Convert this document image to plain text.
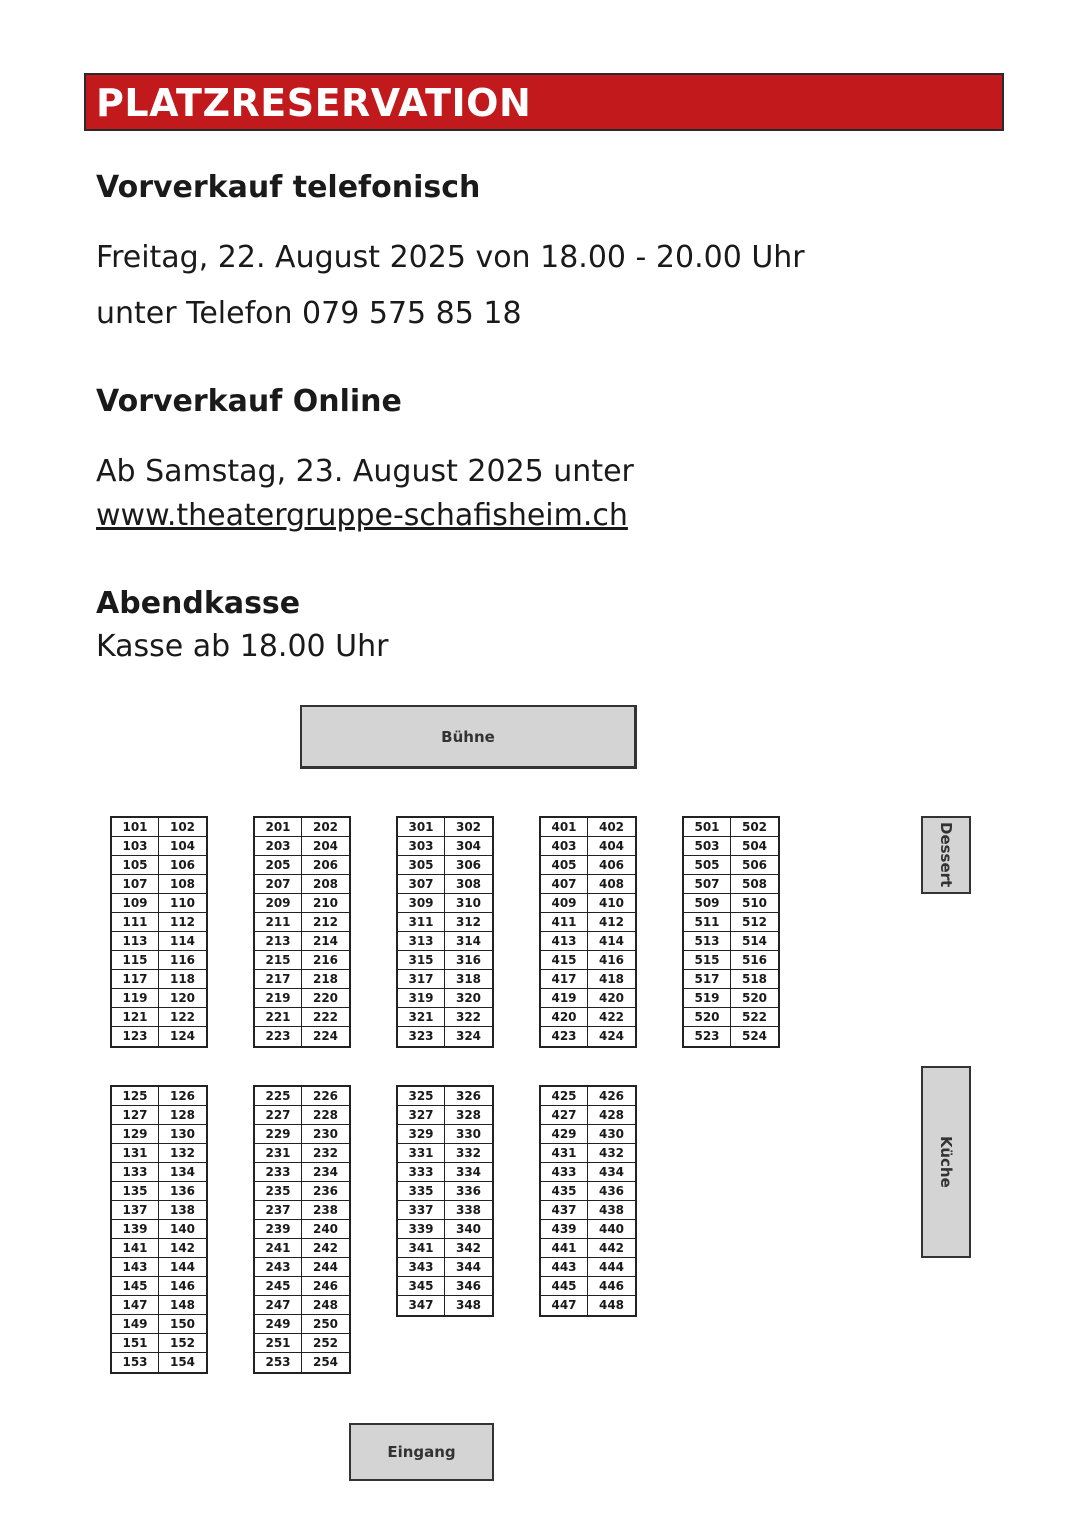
PLATZRESERVATION
Vorverkauf telefonisch
Freitag, 22. August 2025 von 18.00 - 20.00 Uhr
unter Telefon 079 575 85 18
Vorverkauf Online
Ab Samstag, 23. August 2025 unter
www.theatergruppe-schafisheim.ch
Abendkasse
Kasse ab 18.00 Uhr
Bühne
Dessert
Küche
Eingang
101	102
103	104
105	106
107	108
109	110
111	112
113	114
115	116
117	118
119	120
121	122
123	124
201	202
203	204
205	206
207	208
209	210
211	212
213	214
215	216
217	218
219	220
221	222
223	224
301	302
303	304
305	306
307	308
309	310
311	312
313	314
315	316
317	318
319	320
321	322
323	324
401	402
403	404
405	406
407	408
409	410
411	412
413	414
415	416
417	418
419	420
420	422
423	424
501	502
503	504
505	506
507	508
509	510
511	512
513	514
515	516
517	518
519	520
520	522
523	524
125	126
127	128
129	130
131	132
133	134
135	136
137	138
139	140
141	142
143	144
145	146
147	148
149	150
151	152
153	154
225	226
227	228
229	230
231	232
233	234
235	236
237	238
239	240
241	242
243	244
245	246
247	248
249	250
251	252
253	254
325	326
327	328
329	330
331	332
333	334
335	336
337	338
339	340
341	342
343	344
345	346
347	348
425	426
427	428
429	430
431	432
433	434
435	436
437	438
439	440
441	442
443	444
445	446
447	448
